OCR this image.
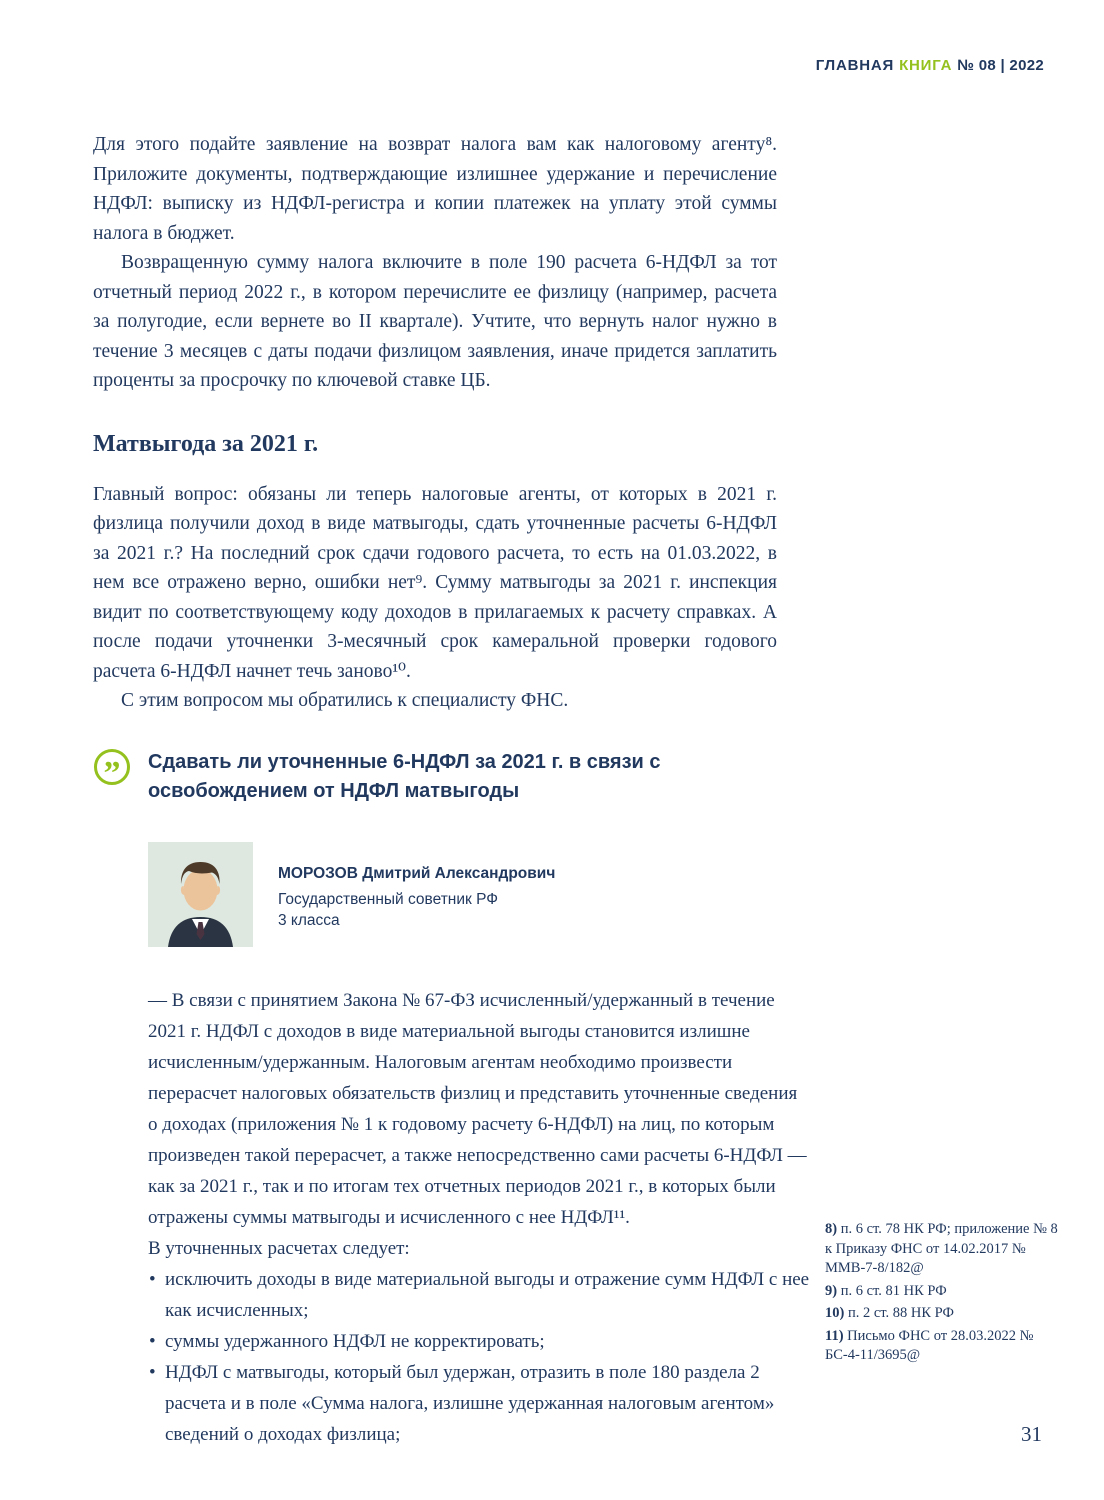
ГЛАВНАЯ КНИГА № 08 | 2022

Для этого подайте заявление на возврат налога вам как налоговому агенту⁸. Приложите документы, подтверждающие излишнее удержание и перечисление НДФЛ: выписку из НДФЛ-регистра и копии платежек на уплату этой суммы налога в бюджет.

Возвращенную сумму налога включите в поле 190 расчета 6-НДФЛ за тот отчетный период 2022 г., в котором перечислите ее физлицу (например, расчета за полугодие, если вернете во II квартале). Учтите, что вернуть налог нужно в течение 3 месяцев с даты подачи физлицом заявления, иначе придется заплатить проценты за просрочку по ключевой ставке ЦБ.

Матвыгода за 2021 г.

Главный вопрос: обязаны ли теперь налоговые агенты, от которых в 2021 г. физлица получили доход в виде матвыгоды, сдать уточненные расчеты 6-НДФЛ за 2021 г.? На последний срок сдачи годового расчета, то есть на 01.03.2022, в нем все отражено верно, ошибки нет⁹. Сумму матвыгоды за 2021 г. инспекция видит по соответствующему коду доходов в прилагаемых к расчету справках. А после подачи уточненки 3-месячный срок камеральной проверки годового расчета 6-НДФЛ начнет течь заново¹⁰.

С этим вопросом мы обратились к специалисту ФНС.

”	Сдавать ли уточненные 6-НДФЛ за 2021 г. в связи с освобождением от НДФЛ матвыгоды
МОРОЗОВ Дмитрий Александрович
Государственный советник РФ
3 класса

— В связи с принятием Закона № 67-ФЗ исчисленный/удержанный в течение 2021 г. НДФЛ с доходов в виде материальной выгоды становится излишне исчисленным/удержанным. Налоговым агентам необходимо произвести перерасчет налоговых обязательств физлиц и представить уточненные сведения о доходах (приложения № 1 к годовому расчету 6-НДФЛ) на лиц, по которым произведен такой перерасчет, а также непосредственно сами расчеты 6-НДФЛ — как за 2021 г., так и по итогам тех отчетных периодов 2021 г., в которых были отражены суммы матвыгоды и исчисленного с нее НДФЛ¹¹.

В уточненных расчетах следует:

• исключить доходы в виде материальной выгоды и отражение сумм НДФЛ с нее как исчисленных;
• суммы удержанного НДФЛ не корректировать;
• НДФЛ с матвыгоды, который был удержан, отразить в поле 180 раздела 2 расчета и в поле «Сумма налога, излишне удержанная налоговым агентом» сведений о доходах физлица;

8) п. 6 ст. 78 НК РФ; приложение № 8 к Приказу ФНС от 14.02.2017 № ММВ-7-8/182@

9) п. 6 ст. 81 НК РФ

10) п. 2 ст. 88 НК РФ

11) Письмо ФНС от 28.03.2022 № БС-4-11/3695@

31
